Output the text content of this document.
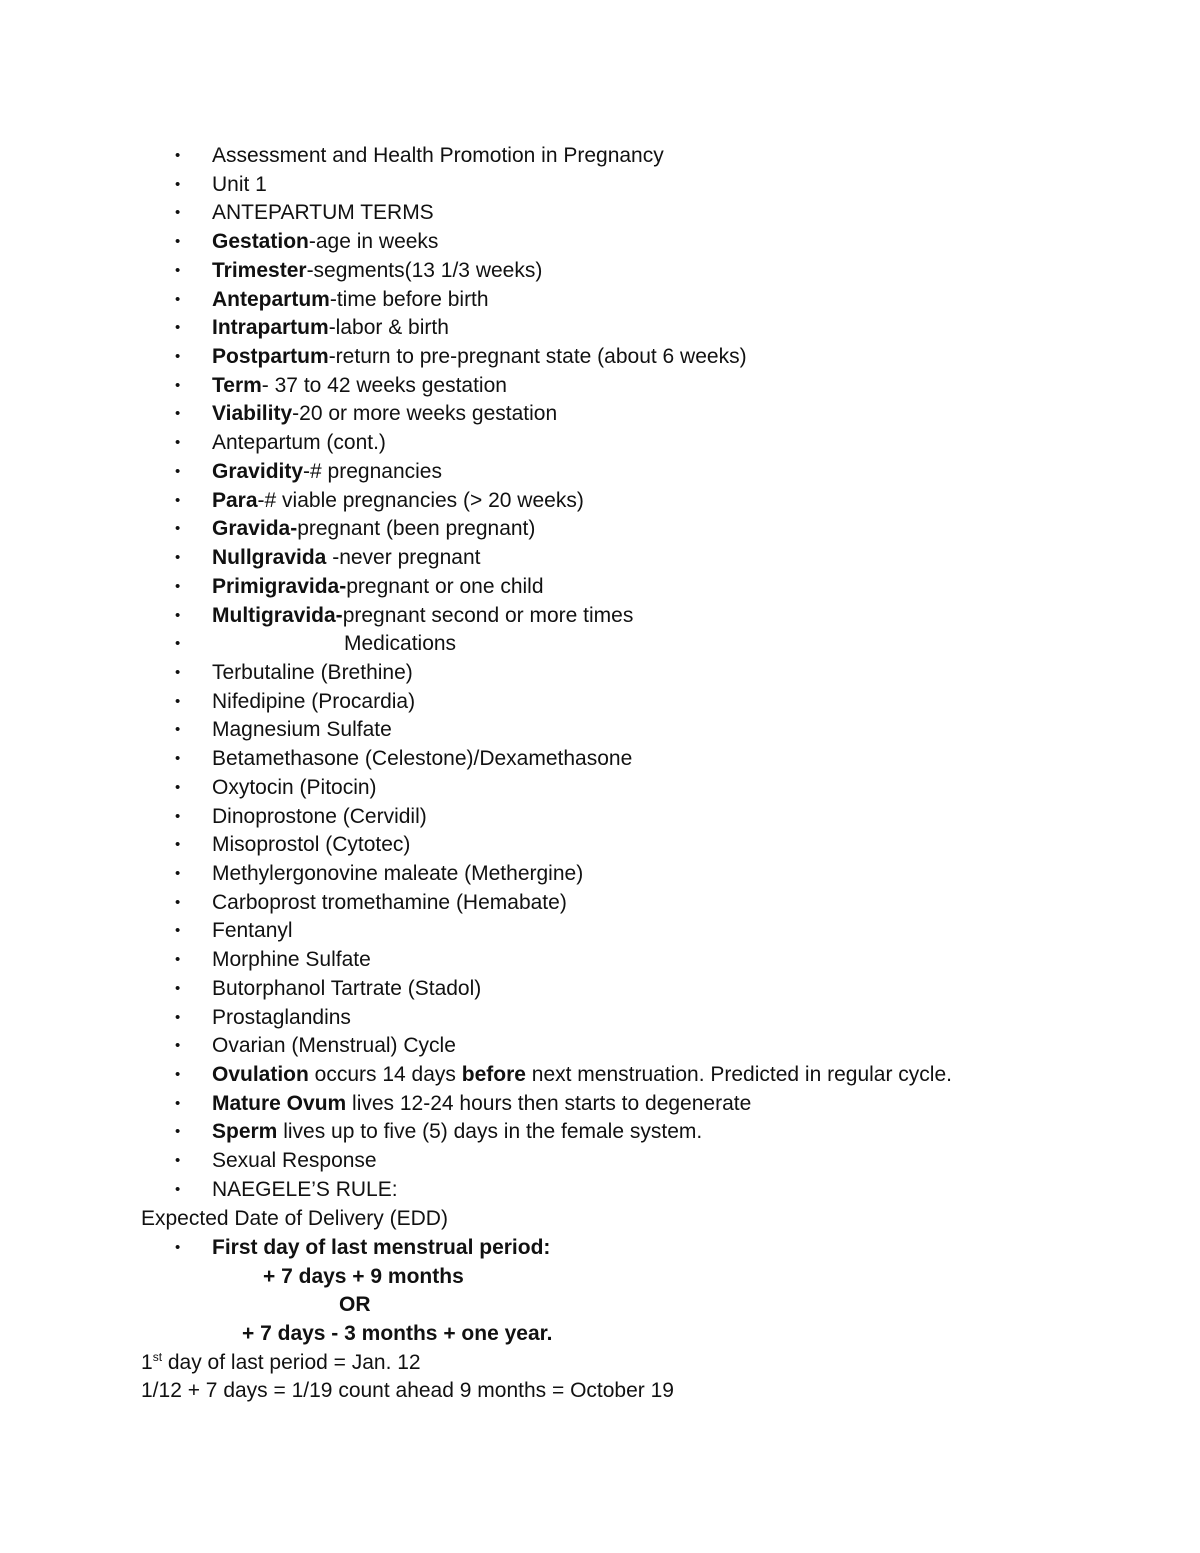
• Assessment and Health Promotion in Pregnancy
• Unit 1
• ANTEPARTUM TERMS
• Gestation-age in weeks
• Trimester-segments(13 1/3 weeks)
• Antepartum-time before birth
• Intrapartum-labor & birth
• Postpartum-return to pre-pregnant state (about 6 weeks)
• Term- 37 to 42 weeks gestation
• Viability-20 or more weeks gestation
• Antepartum (cont.)
• Gravidity-# pregnancies
• Para-# viable pregnancies (> 20 weeks)
• Gravida-pregnant (been pregnant)
• Nullgravida -never pregnant
• Primigravida-pregnant or one child
• Multigravida-pregnant second or more times
•	Medications
• Terbutaline (Brethine)
• Nifedipine (Procardia)
• Magnesium Sulfate
• Betamethasone (Celestone)/Dexamethasone
• Oxytocin (Pitocin)
• Dinoprostone (Cervidil)
• Misoprostol (Cytotec)
• Methylergonovine maleate (Methergine)
• Carboprost tromethamine (Hemabate)
• Fentanyl
• Morphine Sulfate
• Butorphanol Tartrate (Stadol)
• Prostaglandins
• Ovarian (Menstrual) Cycle
• Ovulation occurs 14 days before next menstruation. Predicted in regular cycle.
• Mature Ovum lives 12-24 hours then starts to degenerate
• Sperm lives up to five (5) days in the female system.
• Sexual Response
• NAEGELE’S RULE:
Expected Date of Delivery (EDD)
• First day of last menstrual period:
+ 7 days + 9 months
OR
+ 7 days - 3 months + one year.
1st day of last period = Jan. 12
1/12 + 7 days = 1/19 count ahead 9 months = October 19
